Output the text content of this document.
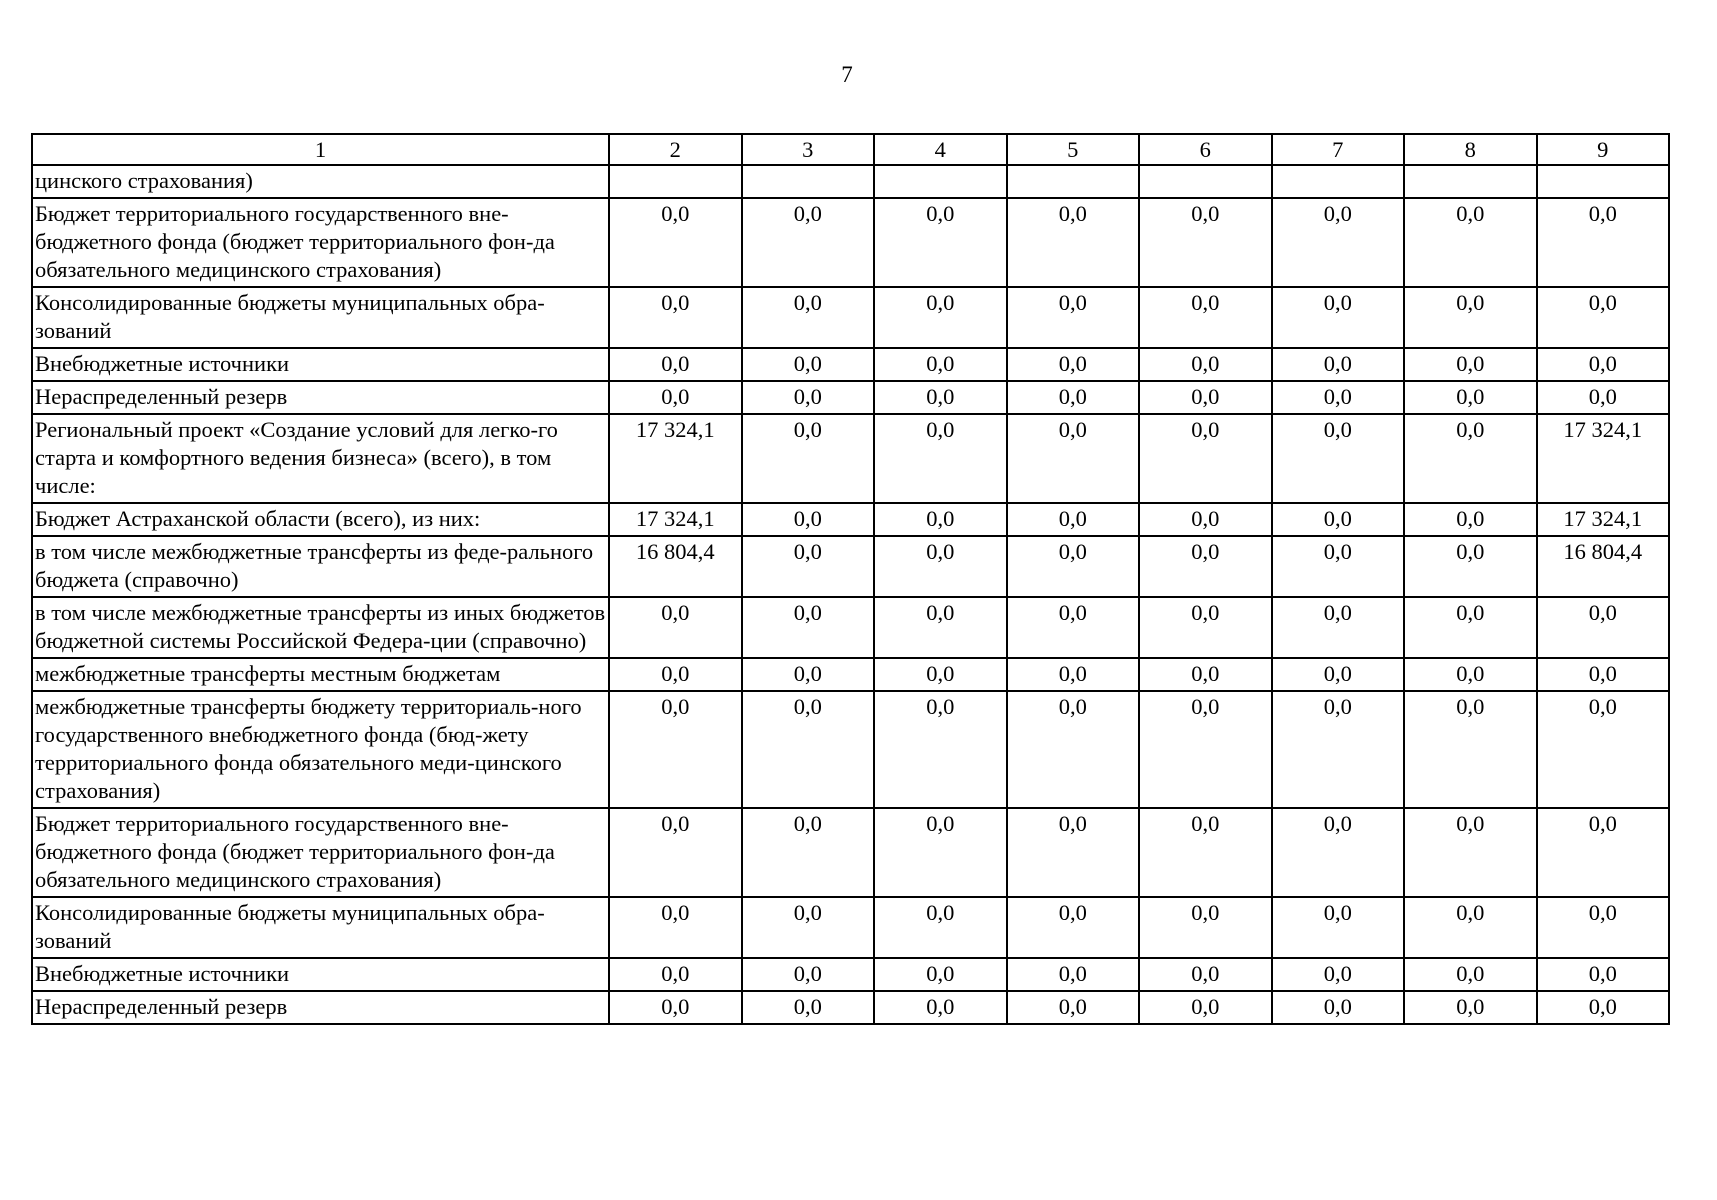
7
1	2	3	4	5	6	7	8	9
цинского страхования)								
Бюджет территориального государственного вне-бюджетного фонда (бюджет территориального фон-да обязательного медицинского страхования)	0,0	0,0	0,0	0,0	0,0	0,0	0,0	0,0
Консолидированные бюджеты муниципальных обра-зований	0,0	0,0	0,0	0,0	0,0	0,0	0,0	0,0
Внебюджетные источники	0,0	0,0	0,0	0,0	0,0	0,0	0,0	0,0
Нераспределенный резерв	0,0	0,0	0,0	0,0	0,0	0,0	0,0	0,0
Региональный проект «Создание условий для легко-го старта и комфортного ведения бизнеса» (всего), в том числе:	17 324,1	0,0	0,0	0,0	0,0	0,0	0,0	17 324,1
Бюджет Астраханской области (всего), из них:	17 324,1	0,0	0,0	0,0	0,0	0,0	0,0	17 324,1
в том числе межбюджетные трансферты из феде-рального бюджета (справочно)	16 804,4	0,0	0,0	0,0	0,0	0,0	0,0	16 804,4
в том числе межбюджетные трансферты из иных бюджетов бюджетной системы Российской Федера-ции (справочно)	0,0	0,0	0,0	0,0	0,0	0,0	0,0	0,0
межбюджетные трансферты местным бюджетам	0,0	0,0	0,0	0,0	0,0	0,0	0,0	0,0
межбюджетные трансферты бюджету территориаль-ного государственного внебюджетного фонда (бюд-жету территориального фонда обязательного меди-цинского страхования)	0,0	0,0	0,0	0,0	0,0	0,0	0,0	0,0
Бюджет территориального государственного вне-бюджетного фонда (бюджет территориального фон-да обязательного медицинского страхования)	0,0	0,0	0,0	0,0	0,0	0,0	0,0	0,0
Консолидированные бюджеты муниципальных обра-зований	0,0	0,0	0,0	0,0	0,0	0,0	0,0	0,0
Внебюджетные источники	0,0	0,0	0,0	0,0	0,0	0,0	0,0	0,0
Нераспределенный резерв	0,0	0,0	0,0	0,0	0,0	0,0	0,0	0,0
